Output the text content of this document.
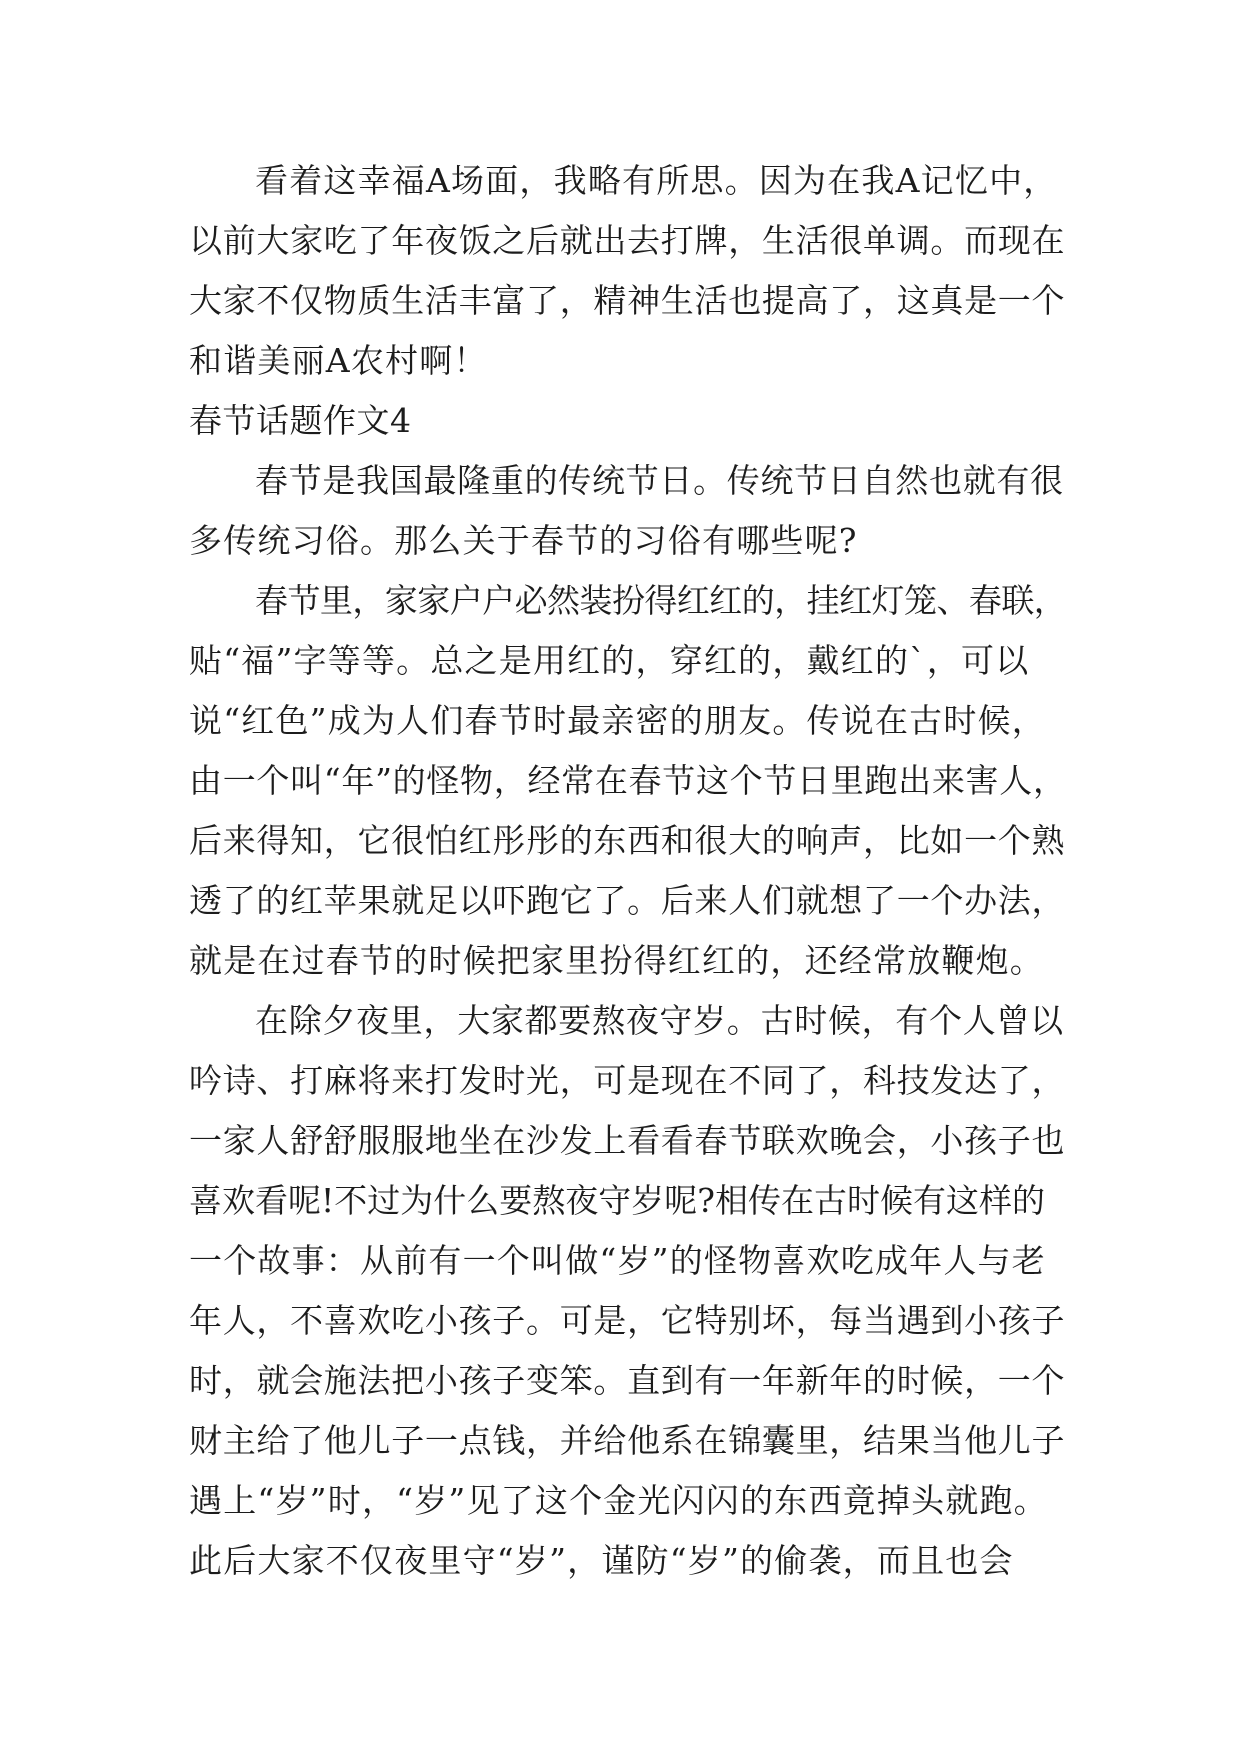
看着这幸福A场面，我略有所思。因为在我A记忆中，
以前大家吃了年夜饭之后就出去打牌，生活很单调。而现在
大家不仅物质生活丰富了，精神生活也提高了，这真是一个
和谐美丽A农村啊！
春节话题作文4
春节是我国最隆重的传统节日。传统节日自然也就有很
多传统习俗。那么关于春节的习俗有哪些呢?
春节里，家家户户必然装扮得红红的，挂红灯笼、春联，
贴“福”字等等。总之是用红的，穿红的，戴红的`，可以
说“红色”成为人们春节时最亲密的朋友。传说在古时候，
由一个叫“年”的怪物，经常在春节这个节日里跑出来害人，
后来得知，它很怕红彤彤的东西和很大的响声，比如一个熟
透了的红苹果就足以吓跑它了。后来人们就想了一个办法，
就是在过春节的时候把家里扮得红红的，还经常放鞭炮。
在除夕夜里，大家都要熬夜守岁。古时候，有个人曾以
吟诗、打麻将来打发时光，可是现在不同了，科技发达了，
一家人舒舒服服地坐在沙发上看看春节联欢晚会，小孩子也
喜欢看呢!不过为什么要熬夜守岁呢?相传在古时候有这样的
一个故事：从前有一个叫做“岁”的怪物喜欢吃成年人与老
年人，不喜欢吃小孩子。可是，它特别坏，每当遇到小孩子
时，就会施法把小孩子变笨。直到有一年新年的时候，一个
财主给了他儿子一点钱，并给他系在锦囊里，结果当他儿子
遇上“岁”时，“岁”见了这个金光闪闪的东西竟掉头就跑。
此后大家不仅夜里守“岁”，谨防“岁”的偷袭，而且也会
